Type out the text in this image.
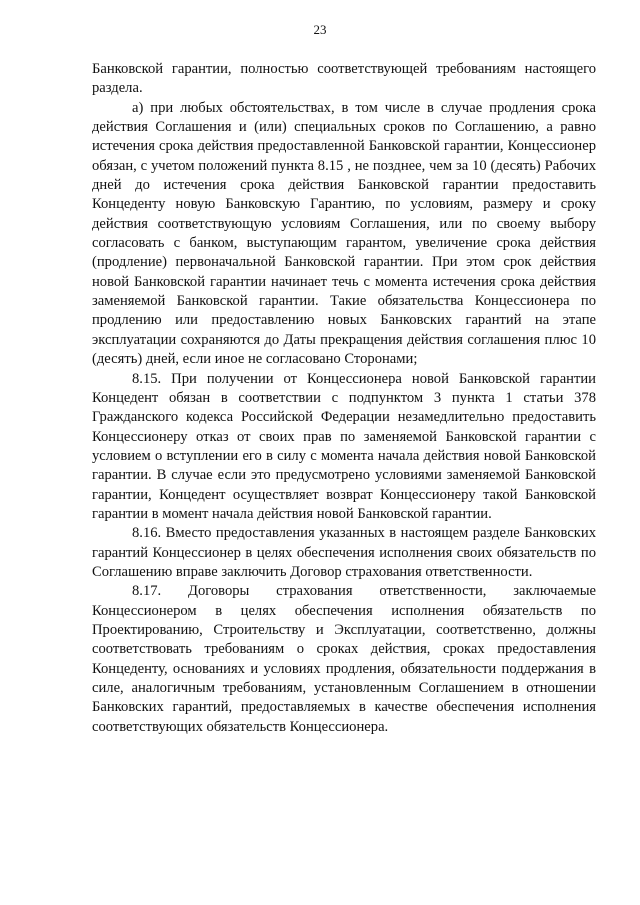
23

Банковской гарантии, полностью соответствующей требованиям настоящего раздела.

а) при любых обстоятельствах, в том числе в случае продления срока действия Соглашения и (или) специальных сроков по Соглашению, а равно истечения срока действия предоставленной Банковской гарантии, Концессионер обязан, с учетом положений пункта 8.15 , не позднее, чем за 10 (десять) Рабочих дней до истечения срока действия Банковской гарантии предоставить Концеденту новую Банковскую Гарантию, по условиям, размеру и сроку действия соответствующую условиям Соглашения, или по своему выбору согласовать с банком, выступающим гарантом, увеличение срока действия (продление) первоначальной Банковской гарантии. При этом срок действия новой Банковской гарантии начинает течь с момента истечения срока действия заменяемой Банковской гарантии. Такие обязательства Концессионера по продлению или предоставлению новых Банковских гарантий на этапе эксплуатации сохраняются до Даты прекращения действия соглашения плюс 10 (десять) дней, если иное не согласовано Сторонами;

8.15. При получении от Концессионера новой Банковской гарантии Концедент обязан в соответствии с подпунктом 3 пункта 1 статьи 378 Гражданского кодекса Российской Федерации незамедлительно предоставить Концессионеру отказ от своих прав по заменяемой Банковской гарантии с условием о вступлении его в силу с момента начала действия новой Банковской гарантии. В случае если это предусмотрено условиями заменяемой Банковской гарантии, Концедент осуществляет возврат Концессионеру такой Банковской гарантии в момент начала действия новой Банковской гарантии.

8.16. Вместо предоставления указанных в настоящем разделе Банковских гарантий Концессионер в целях обеспечения исполнения своих обязательств по Соглашению вправе заключить Договор страхования ответственности.

8.17. Договоры страхования ответственности, заключаемые Концессионером в целях обеспечения исполнения обязательств по Проектированию, Строительству и Эксплуатации, соответственно, должны соответствовать требованиям о сроках действия, сроках предоставления Концеденту, основаниях и условиях продления, обязательности поддержания в силе, аналогичным требованиям, установленным Соглашением в отношении Банковских гарантий, предоставляемых в качестве обеспечения исполнения соответствующих обязательств Концессионера.
